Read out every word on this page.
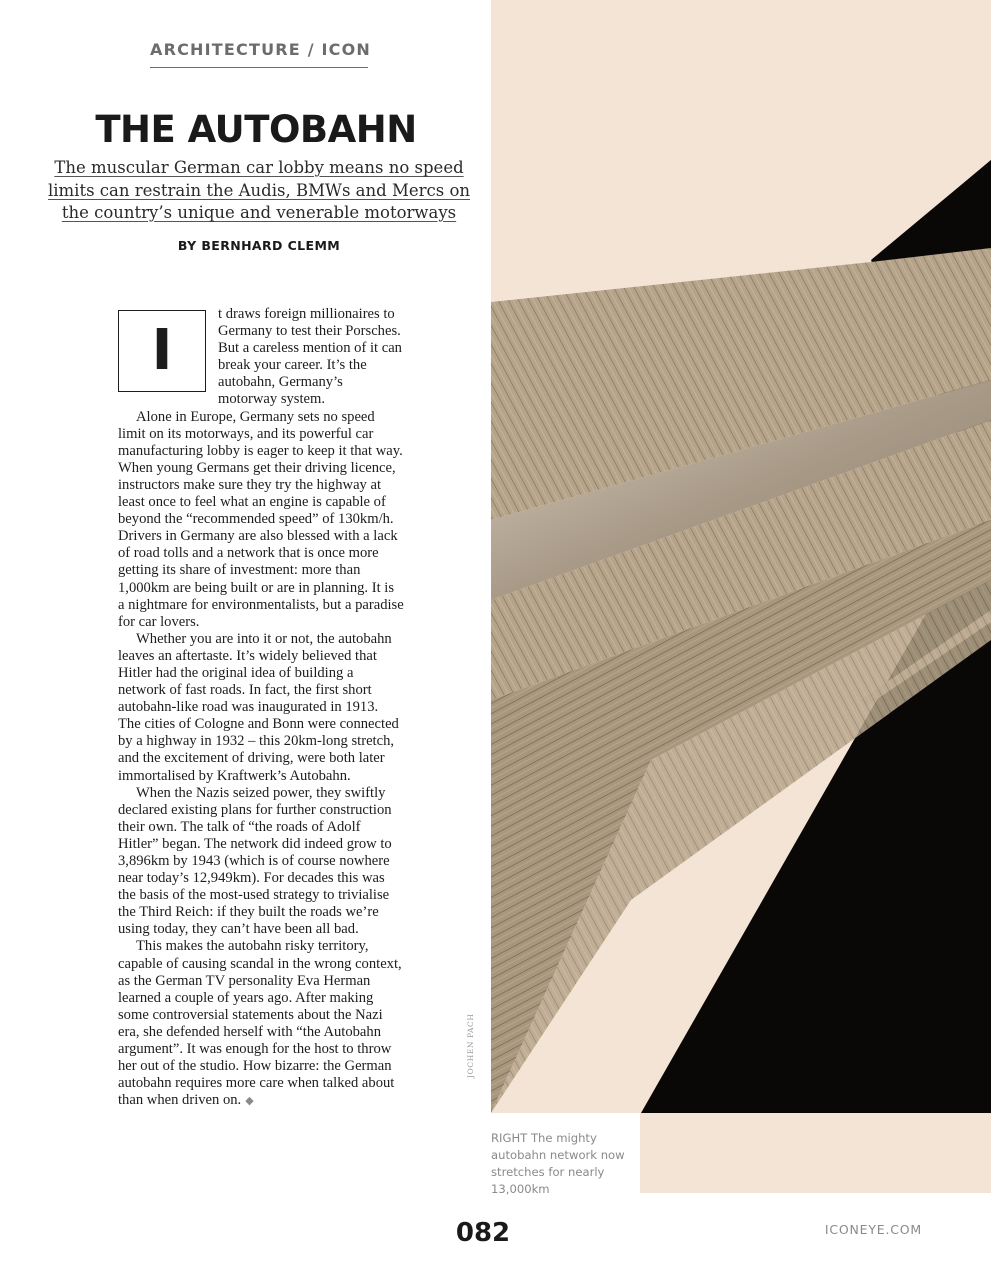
ARCHITECTURE / ICON
THE AUTOBAHN
The muscular German car lobby means no speed limits can restrain the Audis, BMWs and Mercs on the country’s unique and venerable motorways
BY BERNHARD CLEMM
I

t draws foreign millionaires to Germany to test their Porsches. But a careless mention of it can break your career. It’s the autobahn, Germany’s motorway system.

Alone in Europe, Germany sets no speed limit on its motorways, and its powerful car manufacturing lobby is eager to keep it that way. When young Germans get their driving licence, instructors make sure they try the highway at least once to feel what an engine is capable of beyond the “recommended speed” of 130km/h. Drivers in Germany are also blessed with a lack of road tolls and a network that is once more getting its share of investment: more than 1,000km are being built or are in planning. It is a nightmare for environmentalists, but a paradise for car lovers.

Whether you are into it or not, the autobahn leaves an aftertaste. It’s widely believed that Hitler had the original idea of building a network of fast roads. In fact, the first short autobahn-like road was inaugurated in 1913. The cities of Cologne and Bonn were connected by a highway in 1932 – this 20km-long stretch, and the excitement of driving, were both later immortalised by Kraftwerk’s Autobahn.

When the Nazis seized power, they swiftly declared existing plans for further construction their own. The talk of “the roads of Adolf Hitler” began. The network did indeed grow to 3,896km by 1943 (which is of course nowhere near today’s 12,949km). For decades this was the basis of the most-used strategy to trivialise the Third Reich: if they built the roads we’re using today, they can’t have been all bad.

This makes the autobahn risky territory, capable of causing scandal in the wrong context, as the German TV personality Eva Herman learned a couple of years ago. After making some controversial statements about the Nazi era, she defended herself with “the Autobahn argument”. It was enough for the host to throw her out of the studio. How bizarre: the German autobahn requires more care when talked about than when driven on. ◆

JOCHEN PACH
RIGHT The mighty autobahn network now stretches for nearly 13,000km
082	ICONEYE.COM
